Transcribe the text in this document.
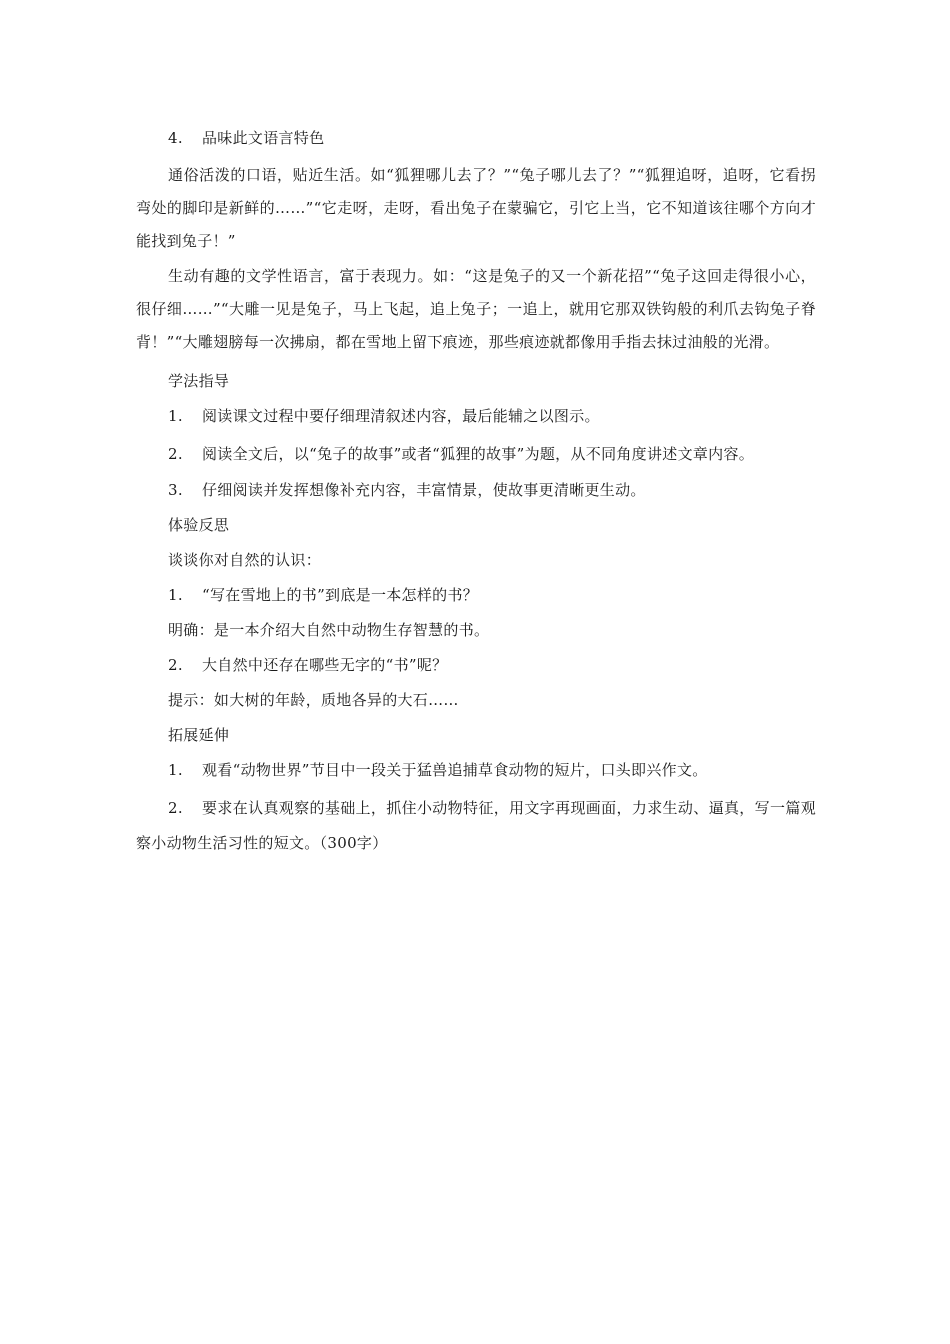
4. 品味此文语言特色

通俗活泼的口语，贴近生活。如“狐狸哪儿去了？”“兔子哪儿去了？”“狐狸追呀，追呀，它看拐弯处的脚印是新鲜的……”“它走呀，走呀，看出兔子在蒙骗它，引它上当，它不知道该往哪个方向才能找到兔子！”

生动有趣的文学性语言，富于表现力。如：“这是兔子的又一个新花招”“兔子这回走得很小心，很仔细……”“大雕一见是兔子，马上飞起，追上兔子；一追上，就用它那双铁钩般的利爪去钩兔子脊背！”“大雕翅膀每一次拂扇，都在雪地上留下痕迹，那些痕迹就都像用手指去抹过油般的光滑。

学法指导

1. 阅读课文过程中要仔细理清叙述内容，最后能辅之以图示。

2. 阅读全文后，以“兔子的故事”或者“狐狸的故事”为题，从不同角度讲述文章内容。

3. 仔细阅读并发挥想像补充内容，丰富情景，使故事更清晰更生动。

体验反思

谈谈你对自然的认识：

1. “写在雪地上的书”到底是一本怎样的书？

明确：是一本介绍大自然中动物生存智慧的书。

2. 大自然中还存在哪些无字的“书”呢？

提示：如大树的年龄，质地各异的大石……

拓展延伸

1. 观看“动物世界”节目中一段关于猛兽追捕草食动物的短片，口头即兴作文。

2. 要求在认真观察的基础上，抓住小动物特征，用文字再现画面，力求生动、逼真，写一篇观察小动物生活习性的短文。（300字）
